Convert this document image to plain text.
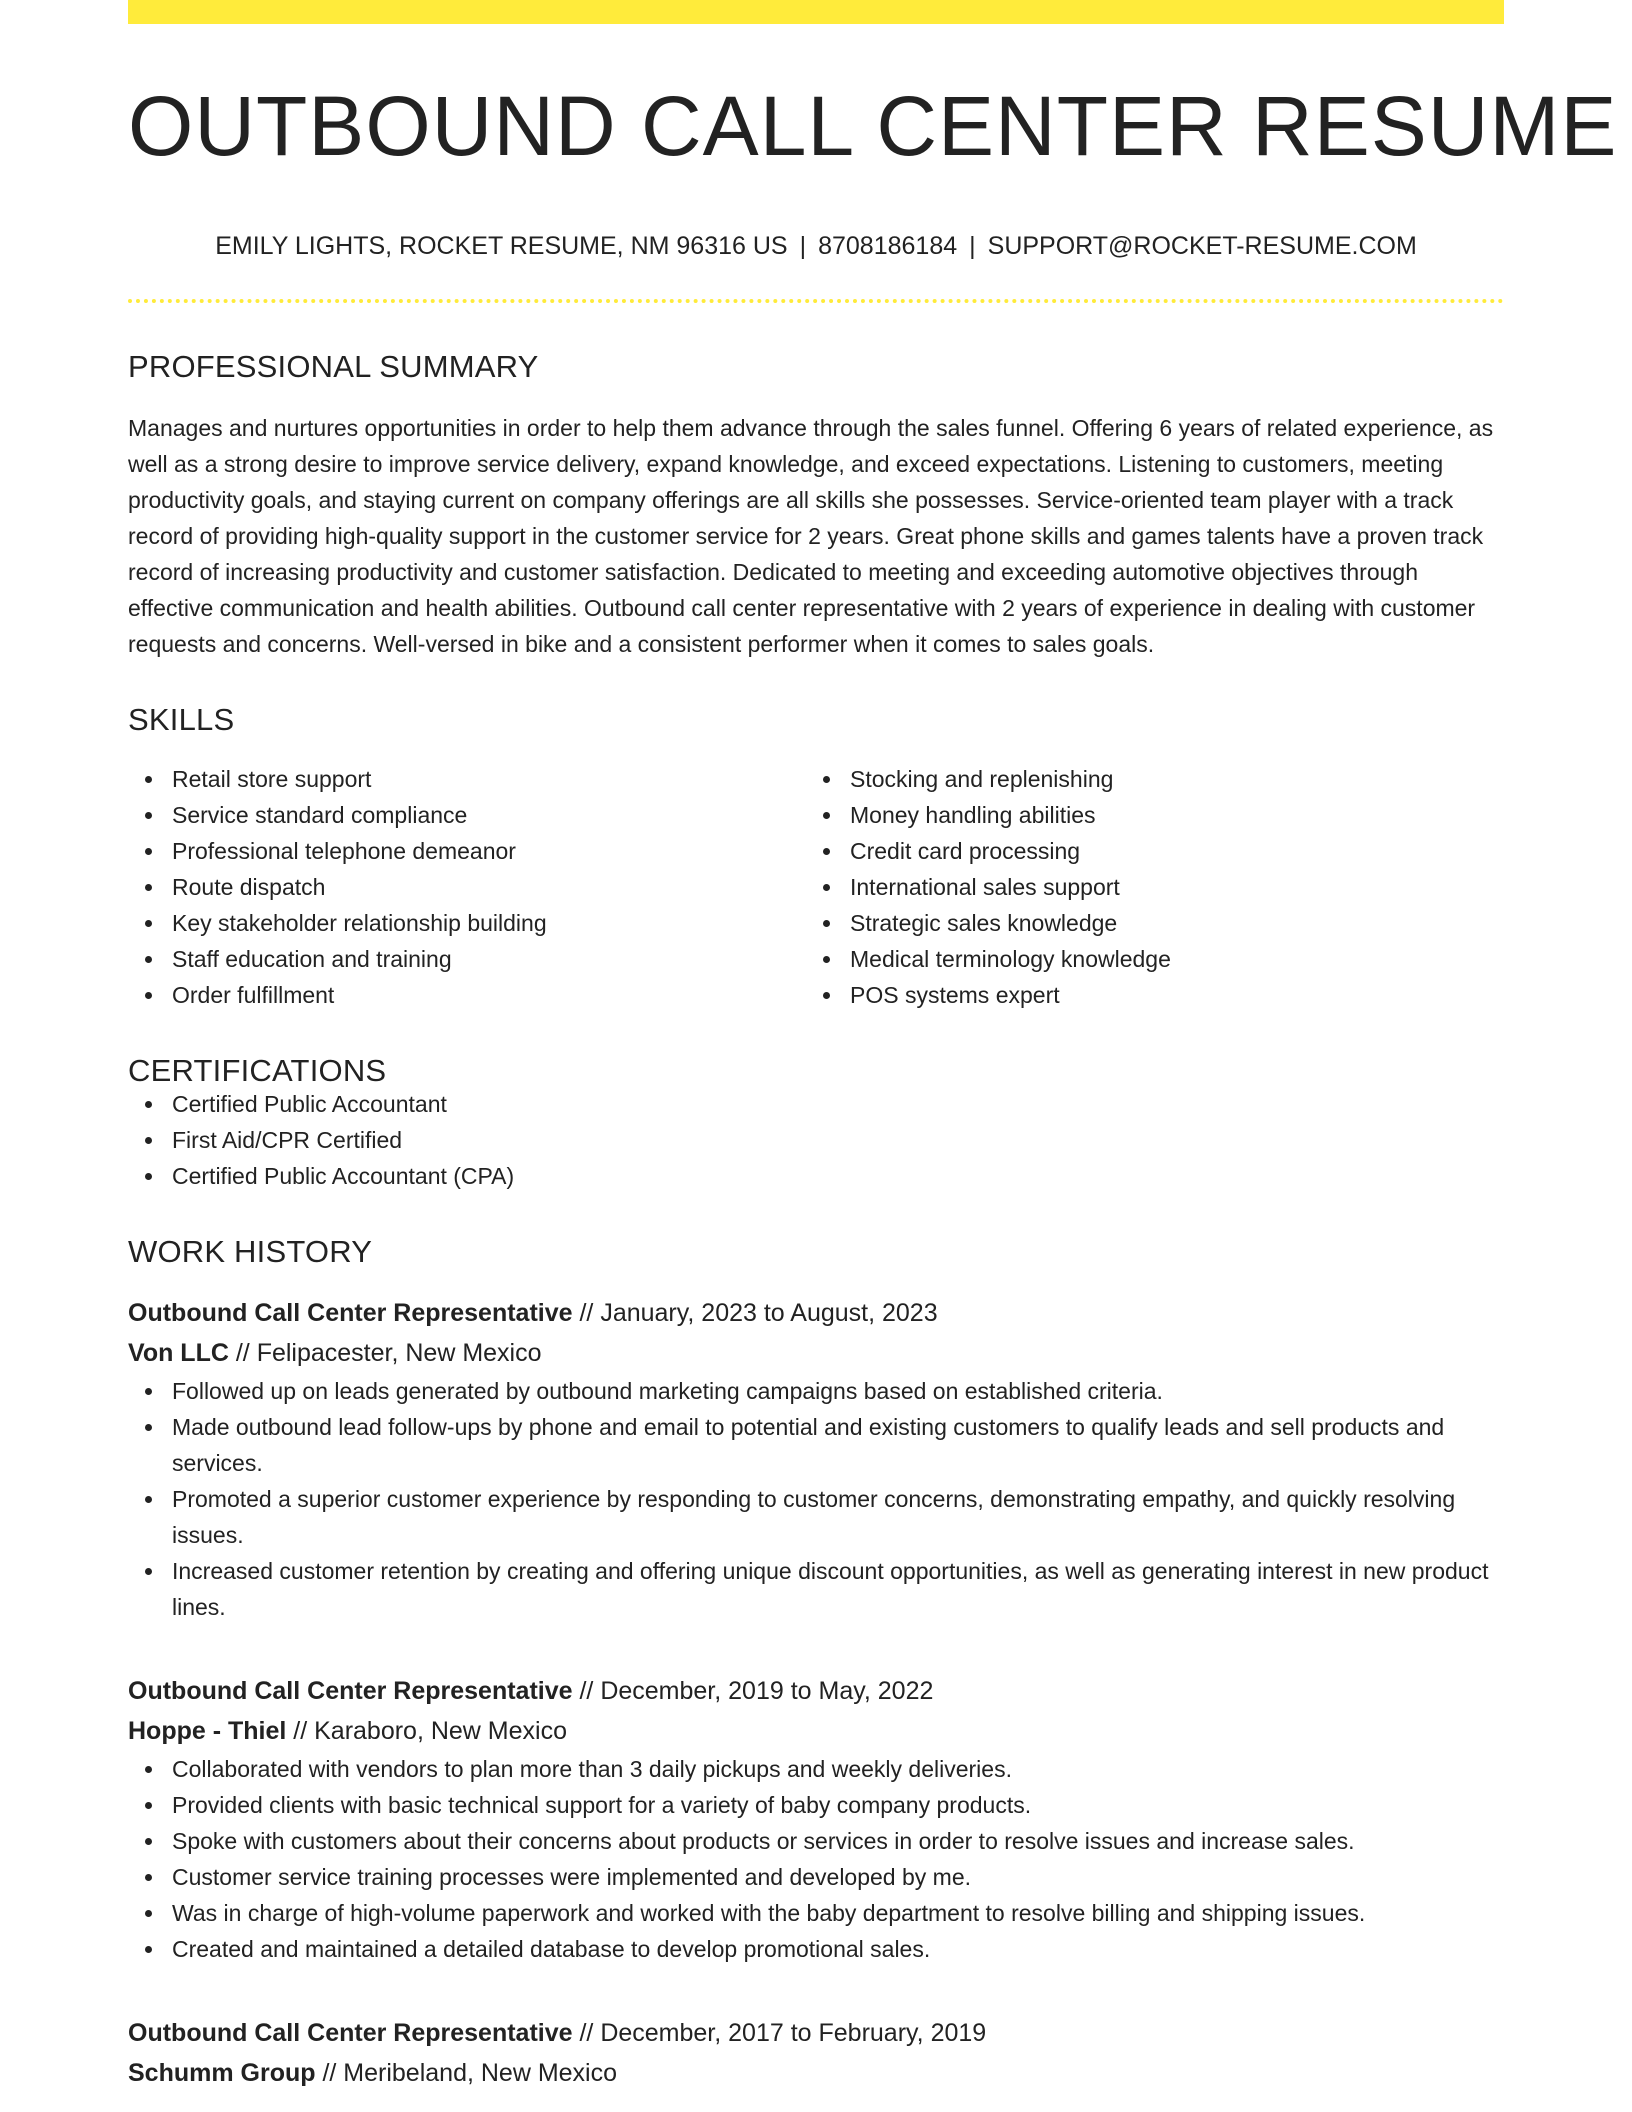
OUTBOUND CALL CENTER RESUME
EMILY LIGHTS, ROCKET RESUME, NM 96316 US | 8708186184 | SUPPORT@ROCKET-RESUME.COM
PROFESSIONAL SUMMARY

Manages and nurtures opportunities in order to help them advance through the sales funnel. Offering 6 years of related experience, as well as a strong desire to improve service delivery, expand knowledge, and exceed expectations. Listening to customers, meeting productivity goals, and staying current on company offerings are all skills she possesses. Service-oriented team player with a track record of providing high-quality support in the customer service for 2 years. Great phone skills and games talents have a proven track record of increasing productivity and customer satisfaction. Dedicated to meeting and exceeding automotive objectives through effective communication and health abilities. Outbound call center representative with 2 years of experience in dealing with customer requests and concerns. Well-versed in bike and a consistent performer when it comes to sales goals.

SKILLS
Retail store support
Service standard compliance
Professional telephone demeanor
Route dispatch
Key stakeholder relationship building
Staff education and training
Order fulfillment
Stocking and replenishing
Money handling abilities
Credit card processing
International sales support
Strategic sales knowledge
Medical terminology knowledge
POS systems expert
CERTIFICATIONS
Certified Public Accountant
First Aid/CPR Certified
Certified Public Accountant (CPA)
WORK HISTORY
Outbound Call Center Representative // January, 2023 to August, 2023
Von LLC // Felipacester, New Mexico
Followed up on leads generated by outbound marketing campaigns based on established criteria.
Made outbound lead follow-ups by phone and email to potential and existing customers to qualify leads and sell products and services.
Promoted a superior customer experience by responding to customer concerns, demonstrating empathy, and quickly resolving issues.
Increased customer retention by creating and offering unique discount opportunities, as well as generating interest in new product lines.
Outbound Call Center Representative // December, 2019 to May, 2022
Hoppe - Thiel // Karaboro, New Mexico
Collaborated with vendors to plan more than 3 daily pickups and weekly deliveries.
Provided clients with basic technical support for a variety of baby company products.
Spoke with customers about their concerns about products or services in order to resolve issues and increase sales.
Customer service training processes were implemented and developed by me.
Was in charge of high-volume paperwork and worked with the baby department to resolve billing and shipping issues.
Created and maintained a detailed database to develop promotional sales.
Outbound Call Center Representative // December, 2017 to February, 2019
Schumm Group // Meribeland, New Mexico
